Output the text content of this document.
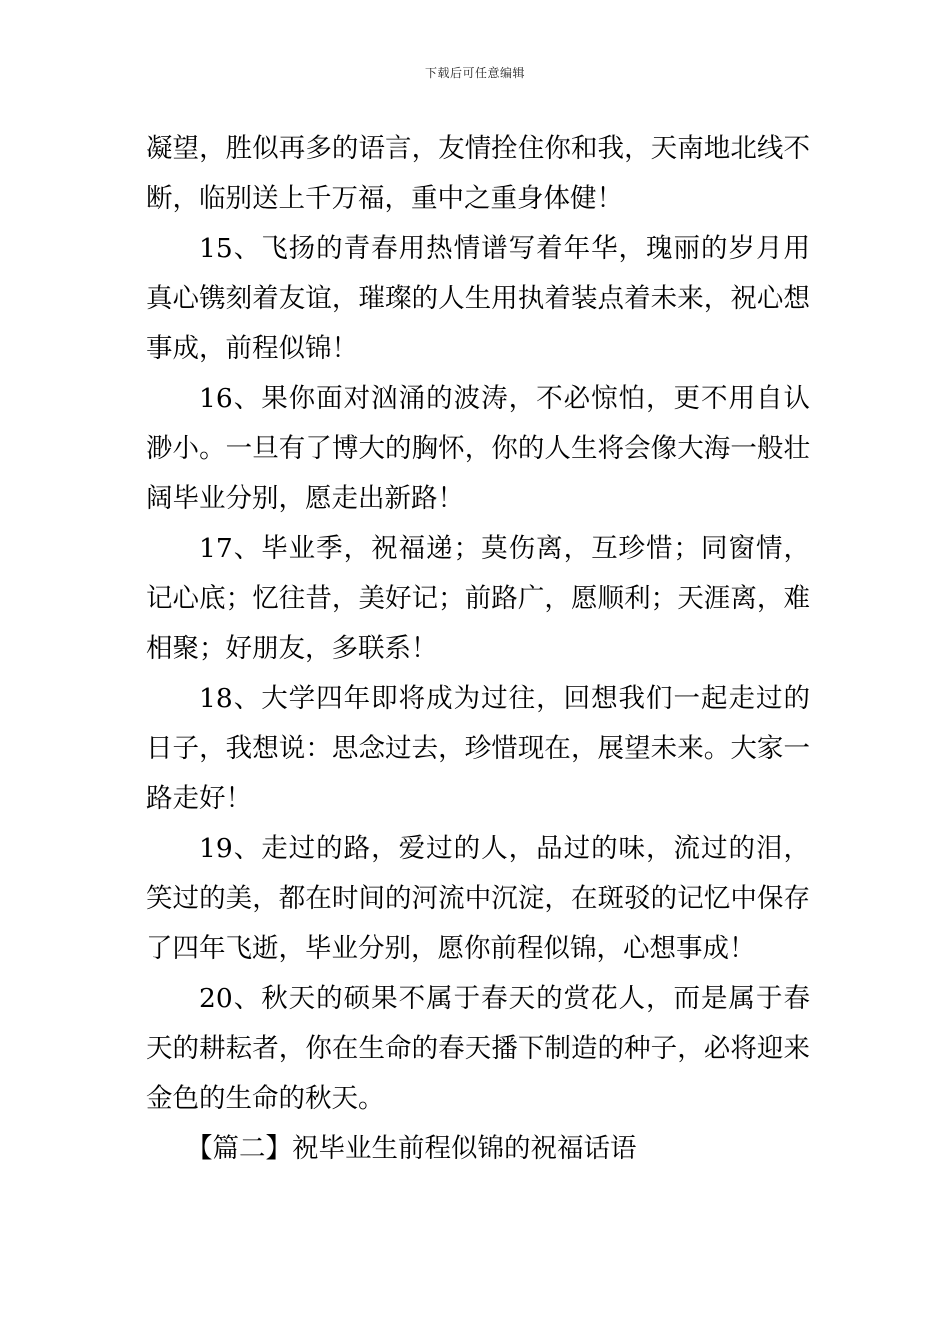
下载后可任意编辑

凝望，胜似再多的语言，友情拴住你和我，天南地北线不断，临别送上千万福，重中之重身体健！

15、飞扬的青春用热情谱写着年华，瑰丽的岁月用真心镌刻着友谊，璀璨的人生用执着装点着未来，祝心想事成，前程似锦！

16、果你面对汹涌的波涛，不必惊怕，更不用自认渺小。一旦有了博大的胸怀，你的人生将会像大海一般壮阔毕业分别，愿走出新路！

17、毕业季，祝福递；莫伤离，互珍惜；同窗情，记心底；忆往昔，美好记；前路广，愿顺利；天涯离，难相聚；好朋友，多联系！

18、大学四年即将成为过往，回想我们一起走过的日子，我想说：思念过去，珍惜现在，展望未来。大家一路走好！

19、走过的路，爱过的人，品过的味，流过的泪，笑过的美，都在时间的河流中沉淀，在斑驳的记忆中保存了四年飞逝，毕业分别，愿你前程似锦，心想事成！

20、秋天的硕果不属于春天的赏花人，而是属于春天的耕耘者，你在生命的春天播下制造的种子，必将迎来金色的生命的秋天。

【篇二】祝毕业生前程似锦的祝福话语
